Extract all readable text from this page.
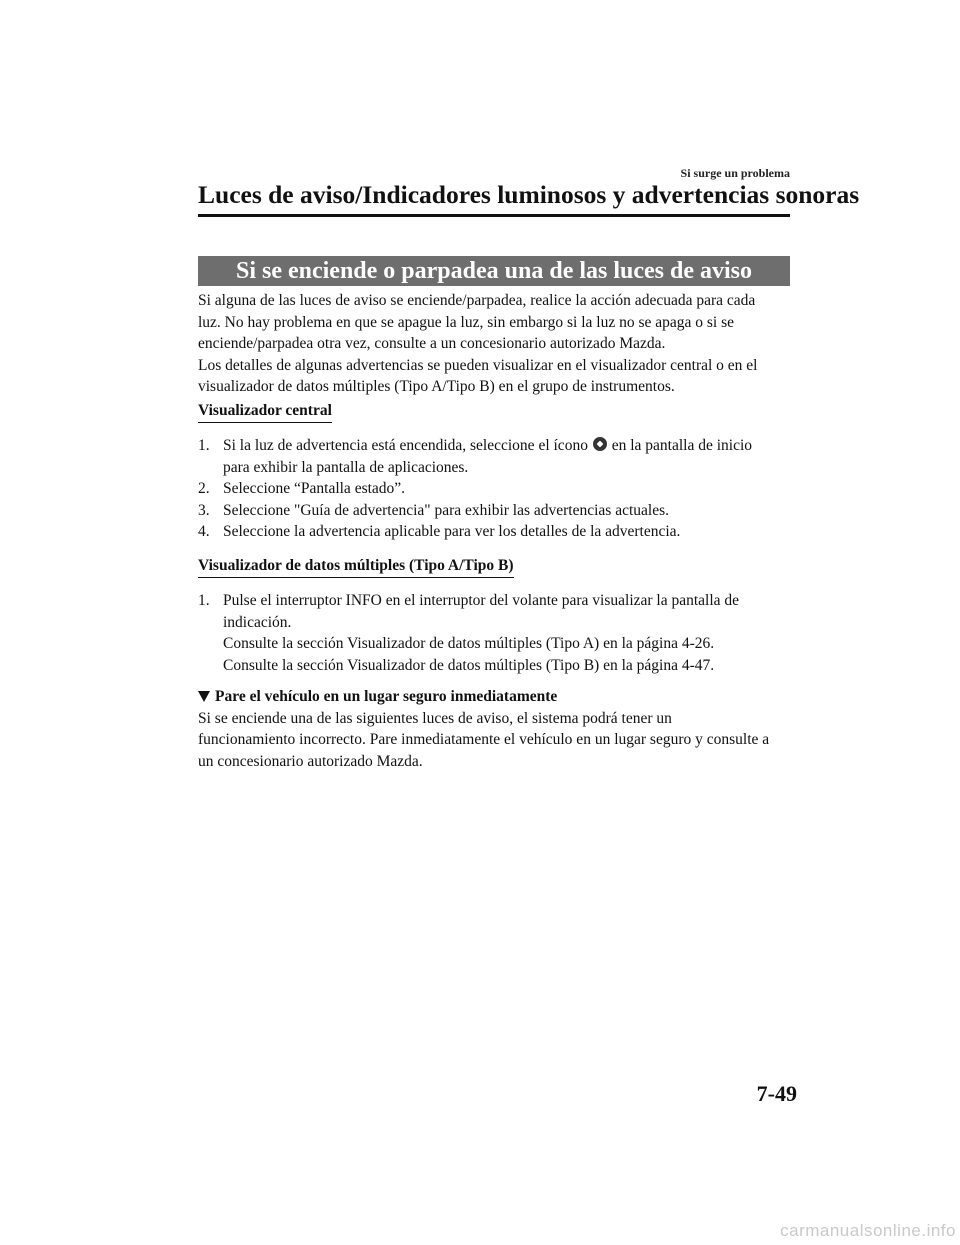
Si surge un problema
Luces de aviso/Indicadores luminosos y advertencias sonoras
Si se enciende o parpadea una de las luces de aviso

Si alguna de las luces de aviso se enciende/parpadea, realice la acción adecuada para cada
luz. No hay problema en que se apague la luz, sin embargo si la luz no se apaga o si se
enciende/parpadea otra vez, consulte a un concesionario autorizado Mazda.
Los detalles de algunas advertencias se pueden visualizar en el visualizador central o en el
visualizador de datos múltiples (Tipo A/Tipo B) en el grupo de instrumentos.

Visualizador central
1. Si la luz de advertencia está encendida, seleccione el ícono en la pantalla de inicio
para exhibir la pantalla de aplicaciones.
2. Seleccione “Pantalla estado”.
3. Seleccione "Guía de advertencia" para exhibir las advertencias actuales.
4. Seleccione la advertencia aplicable para ver los detalles de la advertencia.
Visualizador de datos múltiples (Tipo A/Tipo B)
1. Pulse el interruptor INFO en el interruptor del volante para visualizar la pantalla de
indicación.
Consulte la sección Visualizador de datos múltiples (Tipo A) en la página 4-26.
Consulte la sección Visualizador de datos múltiples (Tipo B) en la página 4-47.

Pare el vehículo en un lugar seguro inmediatamente

Si se enciende una de las siguientes luces de aviso, el sistema podrá tener un
funcionamiento incorrecto. Pare inmediatamente el vehículo en un lugar seguro y consulte a
un concesionario autorizado Mazda.

7-49
carmanualsonline.info
